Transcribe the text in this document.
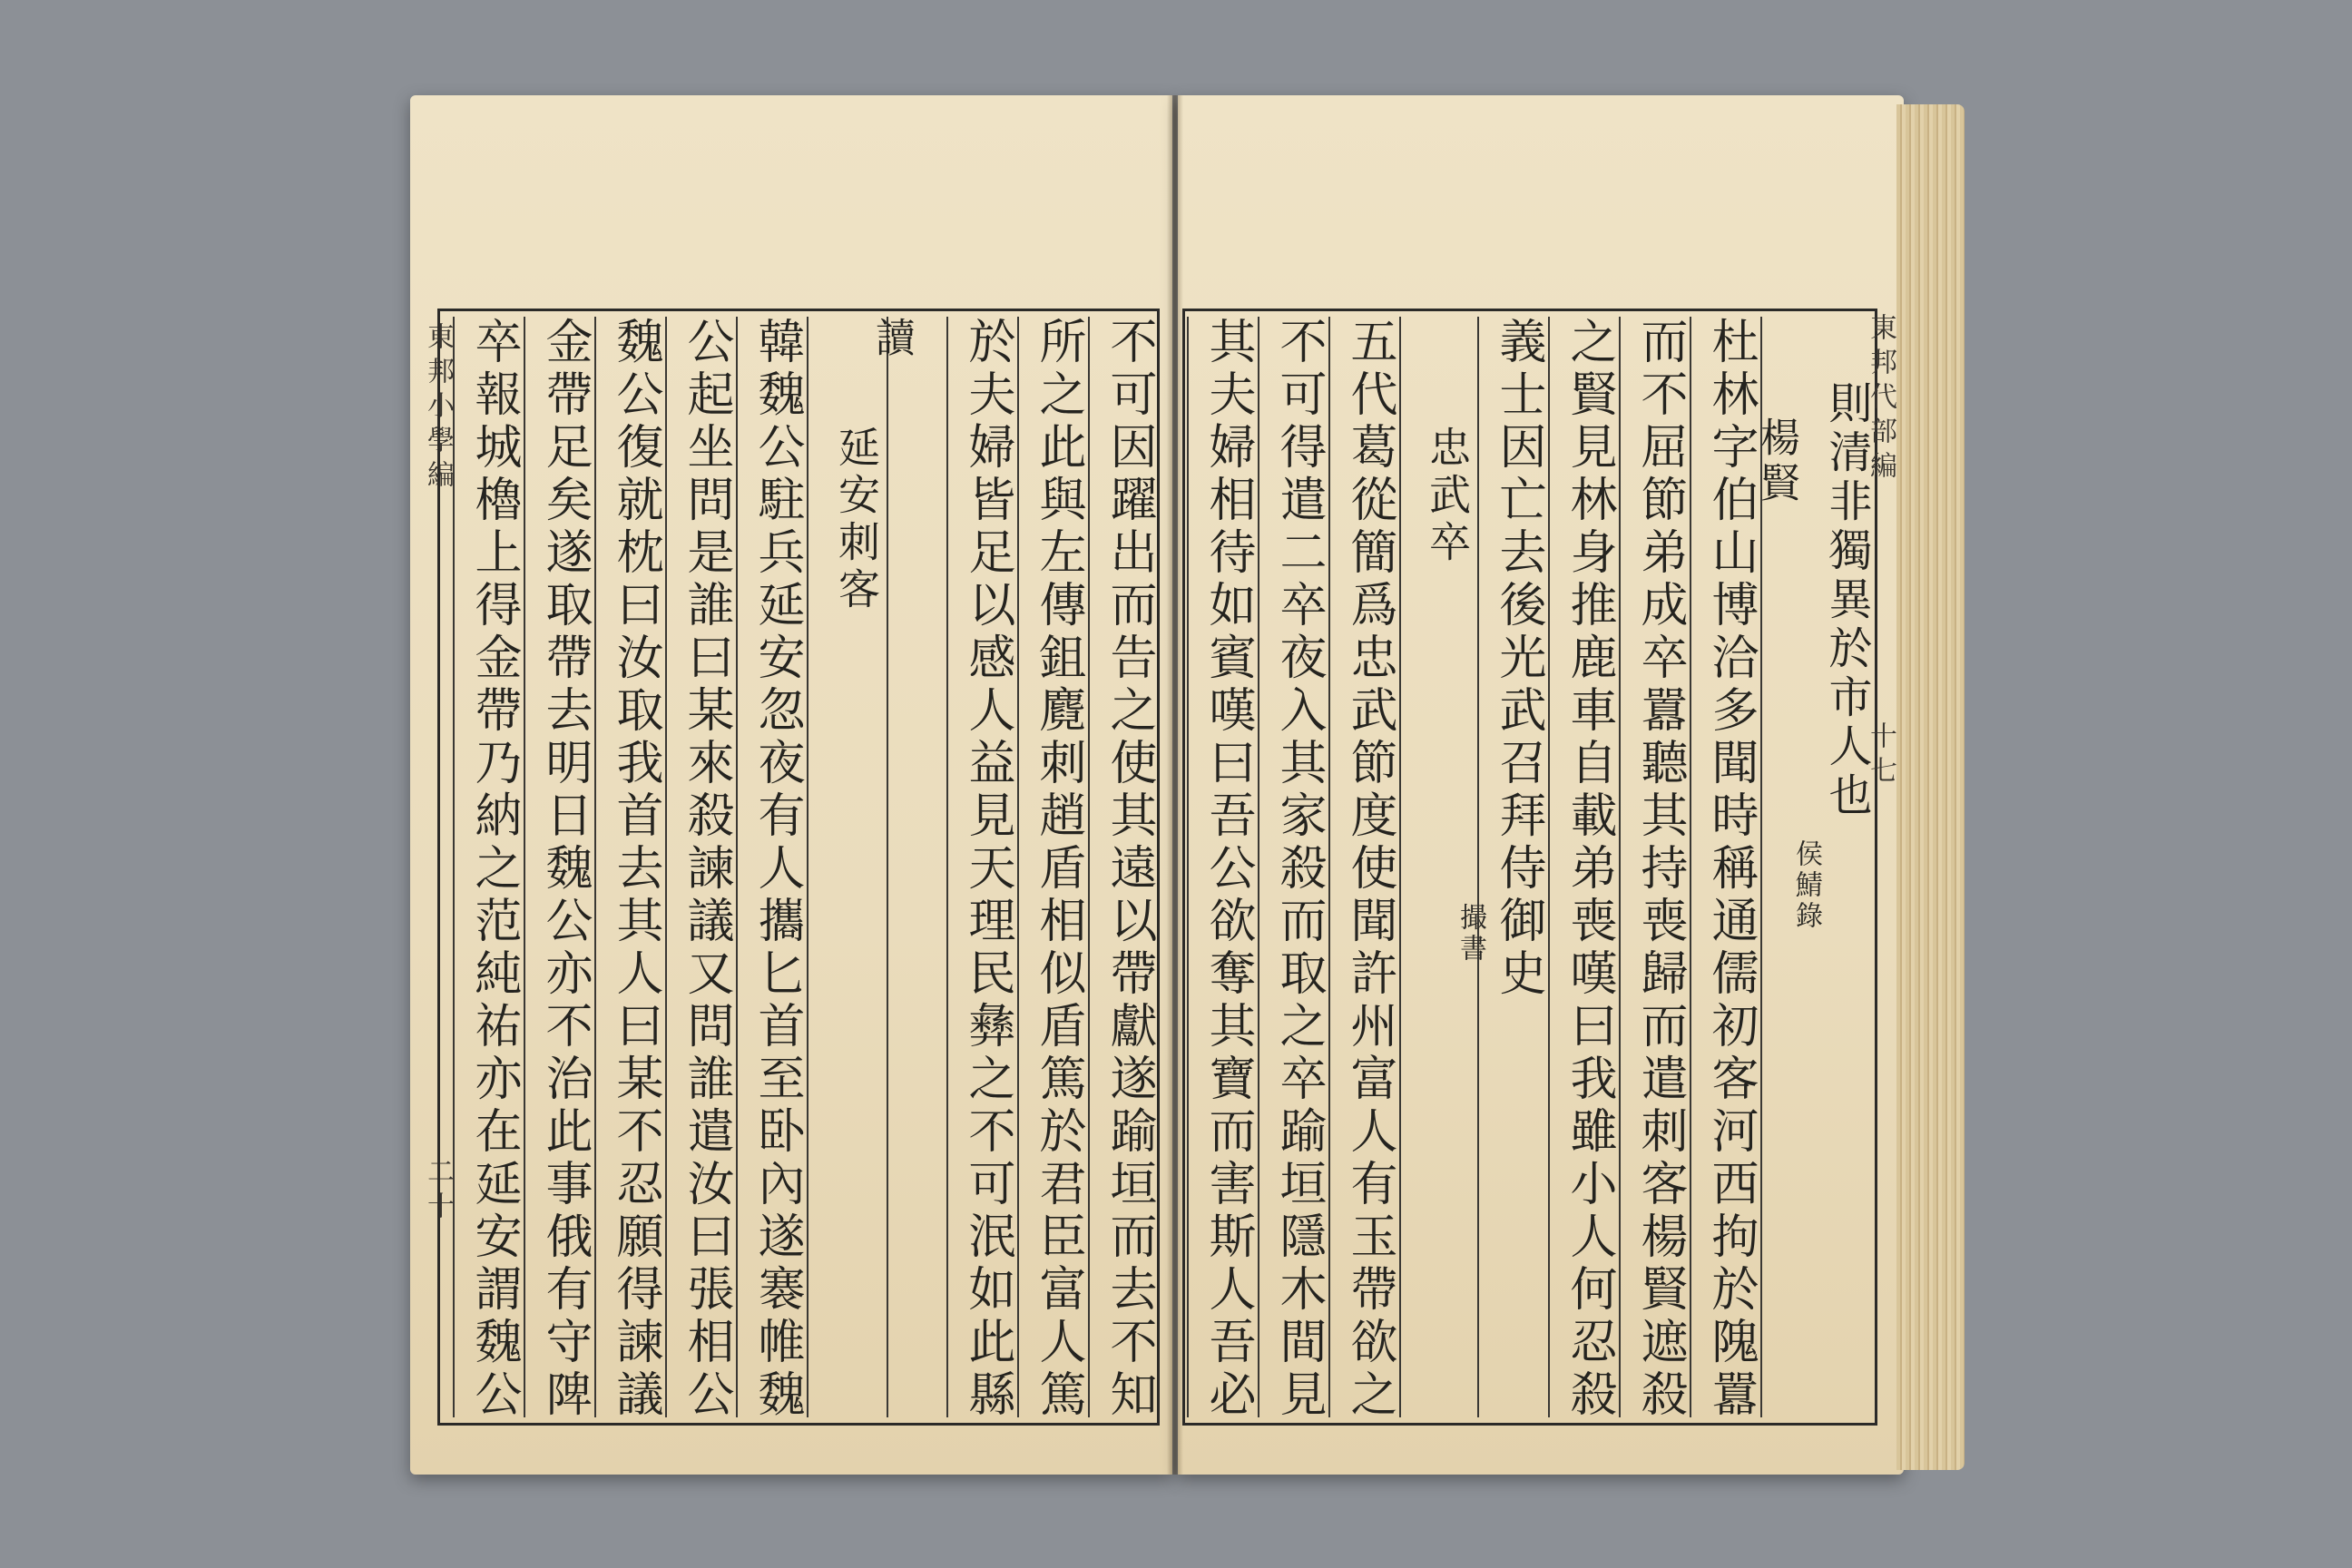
東邦小學編
二十 卒報城櫓上得金帶乃納之范純祐亦在延安謂魏公 金帶足矣遂取帶去明日魏公亦不治此事俄有守陴 魏公復就枕曰汝取我首去其人曰某不忍願得諫議 公起坐問是誰曰某來殺諫議又問誰遣汝曰張相公 韓魏公駐兵延安忽夜有人攜匕首至卧內遂褰帷魏 延安刺客
讀 於夫婦皆足以感人益見天理民彝之不可泯如此縣 所之此與左傳鉏麑刺趙盾相似盾篤於君臣富人篤 不可因躍出而告之使其遠以帶獻遂踰垣而去不知 其夫婦相待如賓嘆曰吾公欲奪其寶而害斯人吾必 不可得遣二卒夜入其家殺而取之卒踰垣隱木間見 五代葛從簡爲忠武節度使聞許州富人有玉帶欲之 忠武卒 義士因亡去後光武召拜侍御史 之賢見林身推鹿車自載弟喪嘆曰我雖小人何忍殺 而不屈節弟成卒囂聽其持喪歸而遣刺客楊賢遮殺 杜林字伯山博洽多聞時稱通儒初客河西拘於隗囂
楊賢 則清非獨異於市人也
撮書
侯鯖錄
東邦代部編
十七
